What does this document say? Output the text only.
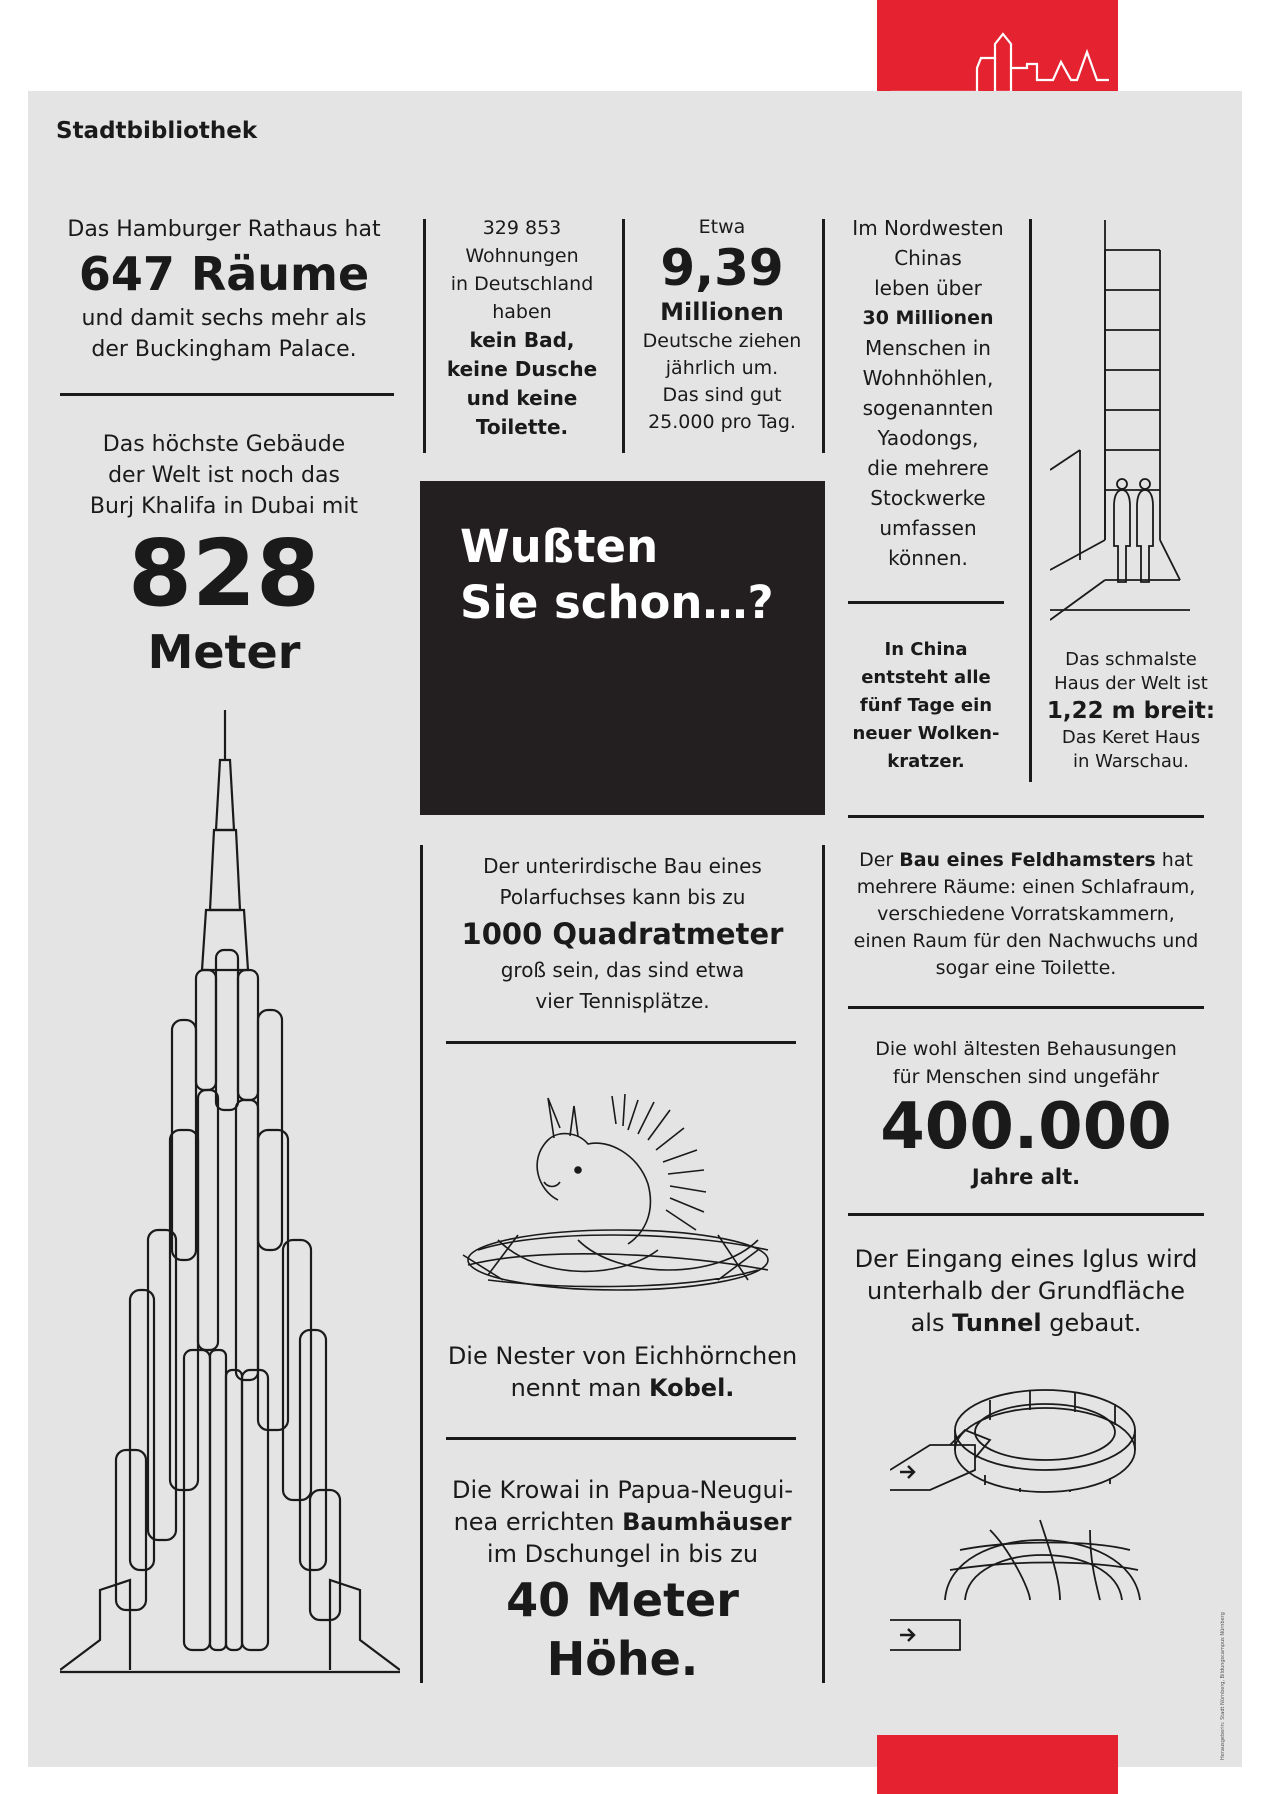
Stadtbibliothek
Das Hamburger Rathaus hat
647 Räume
und damit sechs mehr als
der Buckingham Palace.
Das höchste Gebäude
der Welt ist noch das
Burj Khalifa in Dubai mit
828
Meter
329 853
Wohnungen
in Deutschland
haben
kein Bad,
keine Dusche
und keine
Toilette.
Etwa
9,39
Millionen
Deutsche ziehen
jährlich um.
Das sind gut
25.000 pro Tag.
Im Nordwesten
Chinas
leben über
30 Millionen
Menschen in
Wohnhöhlen,
sogenannten
Yaodongs,
die mehrere
Stockwerke
umfassen
können.
In China
entsteht alle
fünf Tage ein
neuer Wolken-
kratzer.
Das schmalste
Haus der Welt ist
1,22 m breit:
Das Keret Haus
in Warschau.
Wußten
Sie schon…?
Der unterirdische Bau eines
Polarfuchses kann bis zu
1000 Quadratmeter
groß sein, das sind etwa
vier Tennisplätze.
Die Nester von Eichhörnchen
nennt man Kobel.
Die Krowai in Papua-Neugui-
nea errichten Baumhäuser
im Dschungel in bis zu
40 Meter
Höhe.
Der Bau eines Feldhamsters hat
mehrere Räume: einen Schlafraum,
verschiedene Vorratskammern,
einen Raum für den Nachwuchs und
sogar eine Toilette.
Die wohl ältesten Behausungen
für Menschen sind ungefähr
400.000
Jahre alt.
Der Eingang eines Iglus wird
unterhalb der Grundfläche
als Tunnel gebaut.
Herausgeberin: Stadt Nürnberg, Bildungscampus Nürnberg
